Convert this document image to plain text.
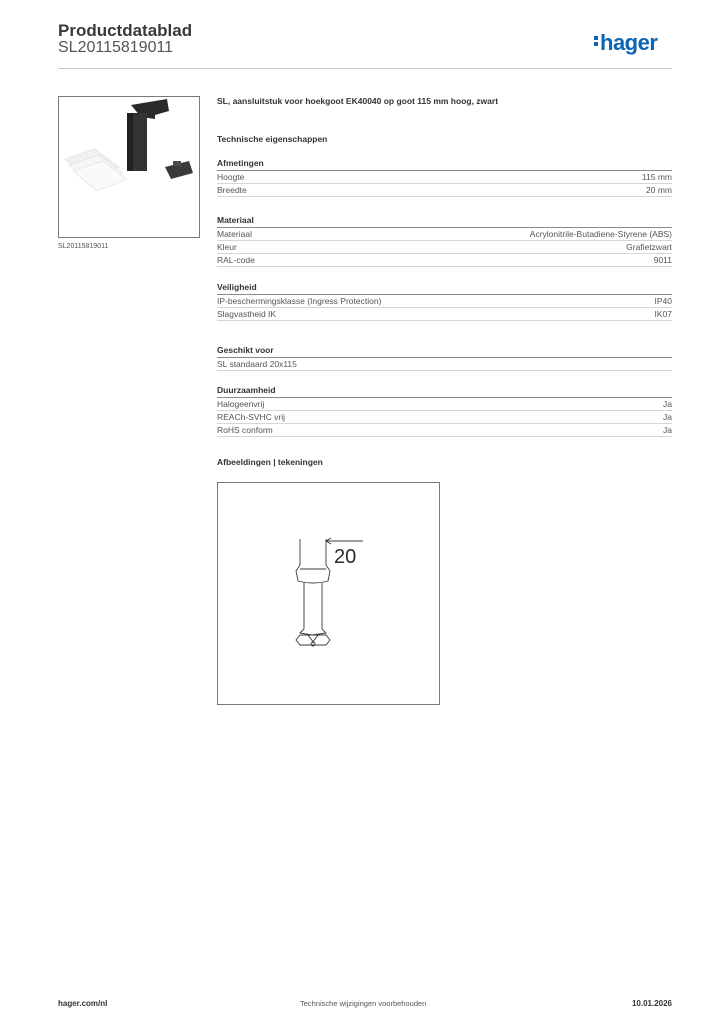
Productdatablad
SL20115819011	hager
SL20115819011

SL, aansluitstuk voor hoekgoot EK40040 op goot 115 mm hoog, zwart

Technische eigenschappen
Afmetingen
Hoogte	115 mm
Breedte	20 mm
Materiaal
Materiaal	Acrylonitrile-Butadiene-Styrene (ABS)
Kleur	Grafietzwart
RAL-code	9011
Veiligheid
IP-beschermingsklasse (Ingress Protection)	IP40
Slagvastheid IK	IK07
Geschikt voor
SL standaard 20x115
Duurzaamheid
Halogeenvrij	Ja
REACh-SVHC vrij	Ja
RoHS conform	Ja
Afbeeldingen | tekeningen
20
hager.com/nl	Technische wijzigingen voorbehouden	10.01.2026
